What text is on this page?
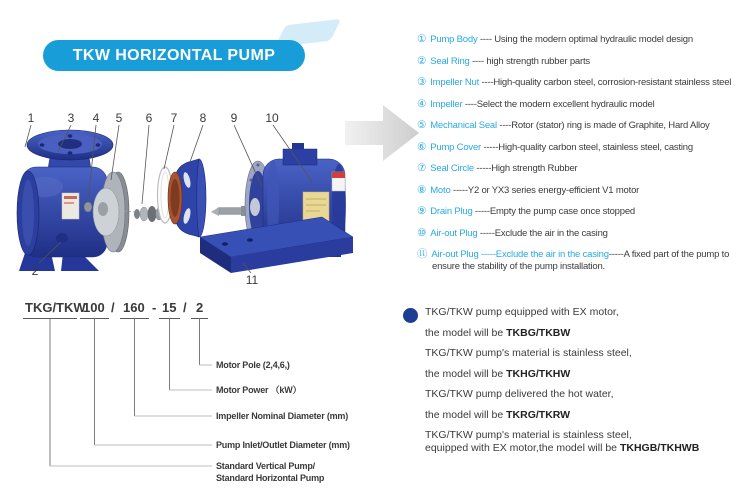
TKW HORIZONTAL PUMP
1	3 4 5 6 7 8 9 10
2
11
① Pump Body ---- Using the modern optimal hydraulic model design
② Seal Ring ---- high strength rubber parts
③ Impeller Nut ----High-quality carbon steel, corrosion-resistant stainless steel
④ Impeller ----Select the modern excellent hydraulic model
⑤ Mechanical Seal ----Rotor (stator) ring is made of Graphite, Hard Alloy
⑥ Pump Cover -----High-quality carbon steel, stainless steel, casting
⑦ Seal Circle -----High strength Rubber
⑧ Moto -----Y2 or YX3 series energy-efficient V1 motor
⑨ Drain Plug -----Empty the pump case once stopped
⑩ Air-out Plug -----Exclude the air in the casing
⑪ Air-out Plug -----Exclude the air in the casing-----A fixed part of the pump to ensure the stability of the pump installation.
TKG/TKW
100 / 160 - 15 / 2
Motor Pole (2,4,6,)
Motor Power （kW）
Impeller Nominal Diameter (mm)
Pump Inlet/Outlet Diameter (mm)
Standard Vertical Pump/
Standard Horizontal Pump
TKG/TKW pump equipped with EX motor,
the model will be TKBG/TKBW
TKG/TKW pump's material is stainless steel,
the model will be TKHG/TKHW
TKG/TKW pump delivered the hot water,
the model will be TKRG/TKRW
TKG/TKW pump's material is stainless steel,
equipped with EX motor,the model will be TKHGB/TKHWB
